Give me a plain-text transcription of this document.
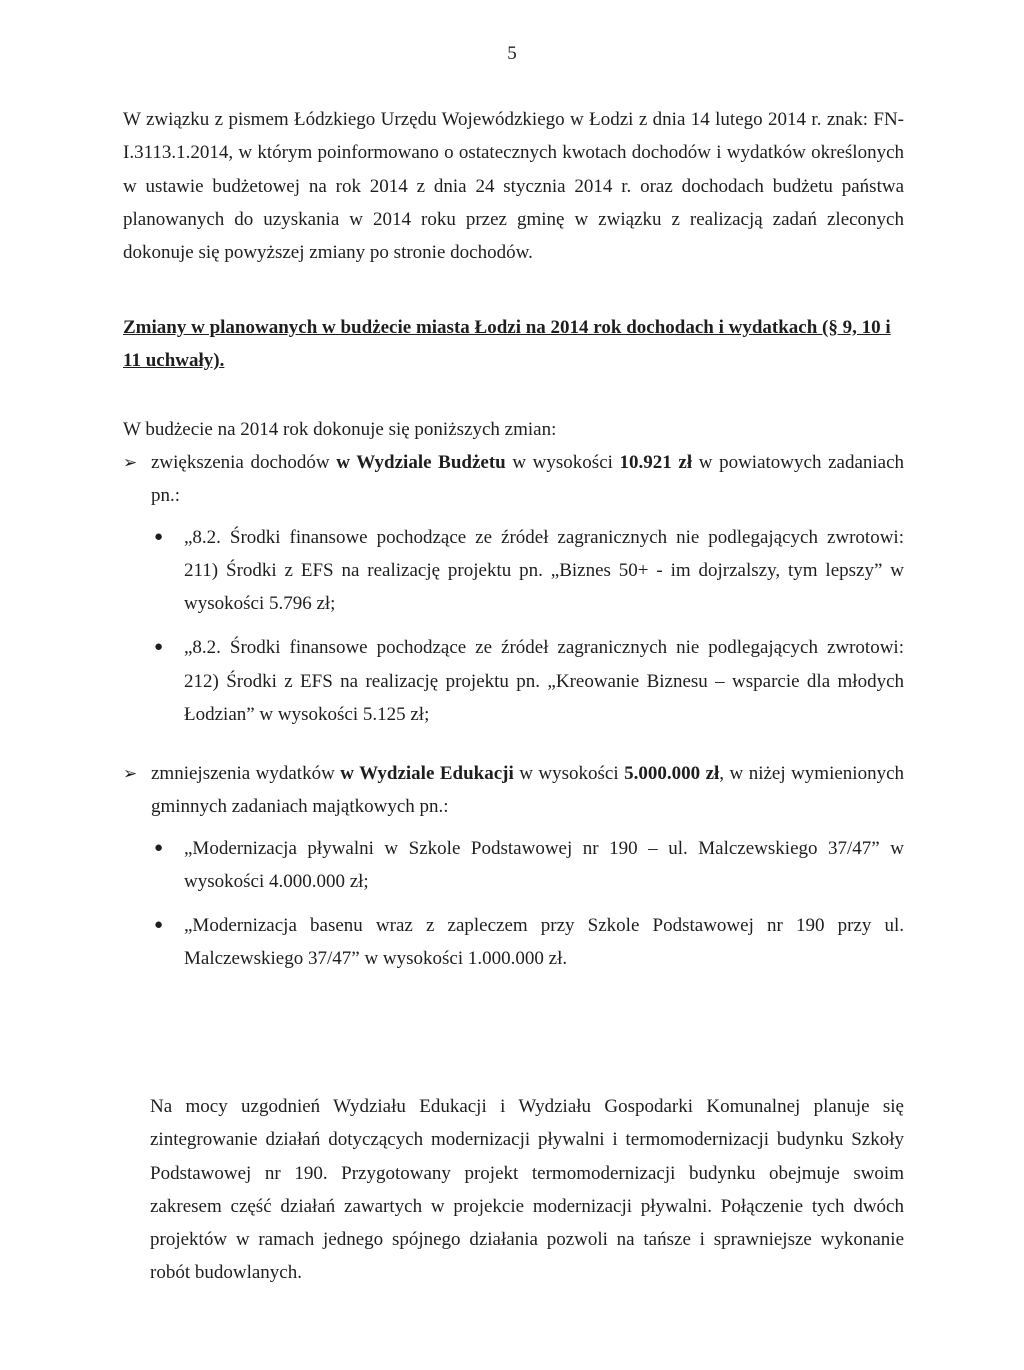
5
W związku z pismem Łódzkiego Urzędu Wojewódzkiego w Łodzi z dnia 14 lutego 2014 r. znak: FN-I.3113.1.2014, w którym poinformowano o ostatecznych kwotach dochodów i wydatków określonych w ustawie budżetowej na rok 2014 z dnia 24 stycznia 2014 r. oraz dochodach budżetu państwa planowanych do uzyskania w 2014 roku przez gminę w związku z realizacją zadań zleconych dokonuje się powyższej zmiany po stronie dochodów.
Zmiany w planowanych w budżecie miasta Łodzi na 2014 rok dochodach i wydatkach (§ 9, 10 i 11 uchwały).
W budżecie na 2014 rok dokonuje się poniższych zmian:
➢ zwiększenia dochodów w Wydziale Budżetu w wysokości 10.921 zł w powiatowych zadaniach pn.:
● „8.2. Środki finansowe pochodzące ze źródeł zagranicznych nie podlegających zwrotowi: 211) Środki z EFS na realizację projektu pn. „Biznes 50+ - im dojrzalszy, tym lepszy” w wysokości 5.796 zł;
● „8.2. Środki finansowe pochodzące ze źródeł zagranicznych nie podlegających zwrotowi: 212) Środki z EFS na realizację projektu pn. „Kreowanie Biznesu – wsparcie dla młodych Łodzian” w wysokości 5.125 zł;
➢ zmniejszenia wydatków w Wydziale Edukacji w wysokości 5.000.000 zł, w niżej wymienionych gminnych zadaniach majątkowych pn.:
● „Modernizacja pływalni w Szkole Podstawowej nr 190 – ul. Malczewskiego 37/47” w wysokości 4.000.000 zł;
● „Modernizacja basenu wraz z zapleczem przy Szkole Podstawowej nr 190 przy ul. Malczewskiego 37/47” w wysokości 1.000.000 zł.
Na mocy uzgodnień Wydziału Edukacji i Wydziału Gospodarki Komunalnej planuje się zintegrowanie działań dotyczących modernizacji pływalni i termomodernizacji budynku Szkoły Podstawowej nr 190. Przygotowany projekt termomodernizacji budynku obejmuje swoim zakresem część działań zawartych w projekcie modernizacji pływalni. Połączenie tych dwóch projektów w ramach jednego spójnego działania pozwoli na tańsze i sprawniejsze wykonanie robót budowlanych.
